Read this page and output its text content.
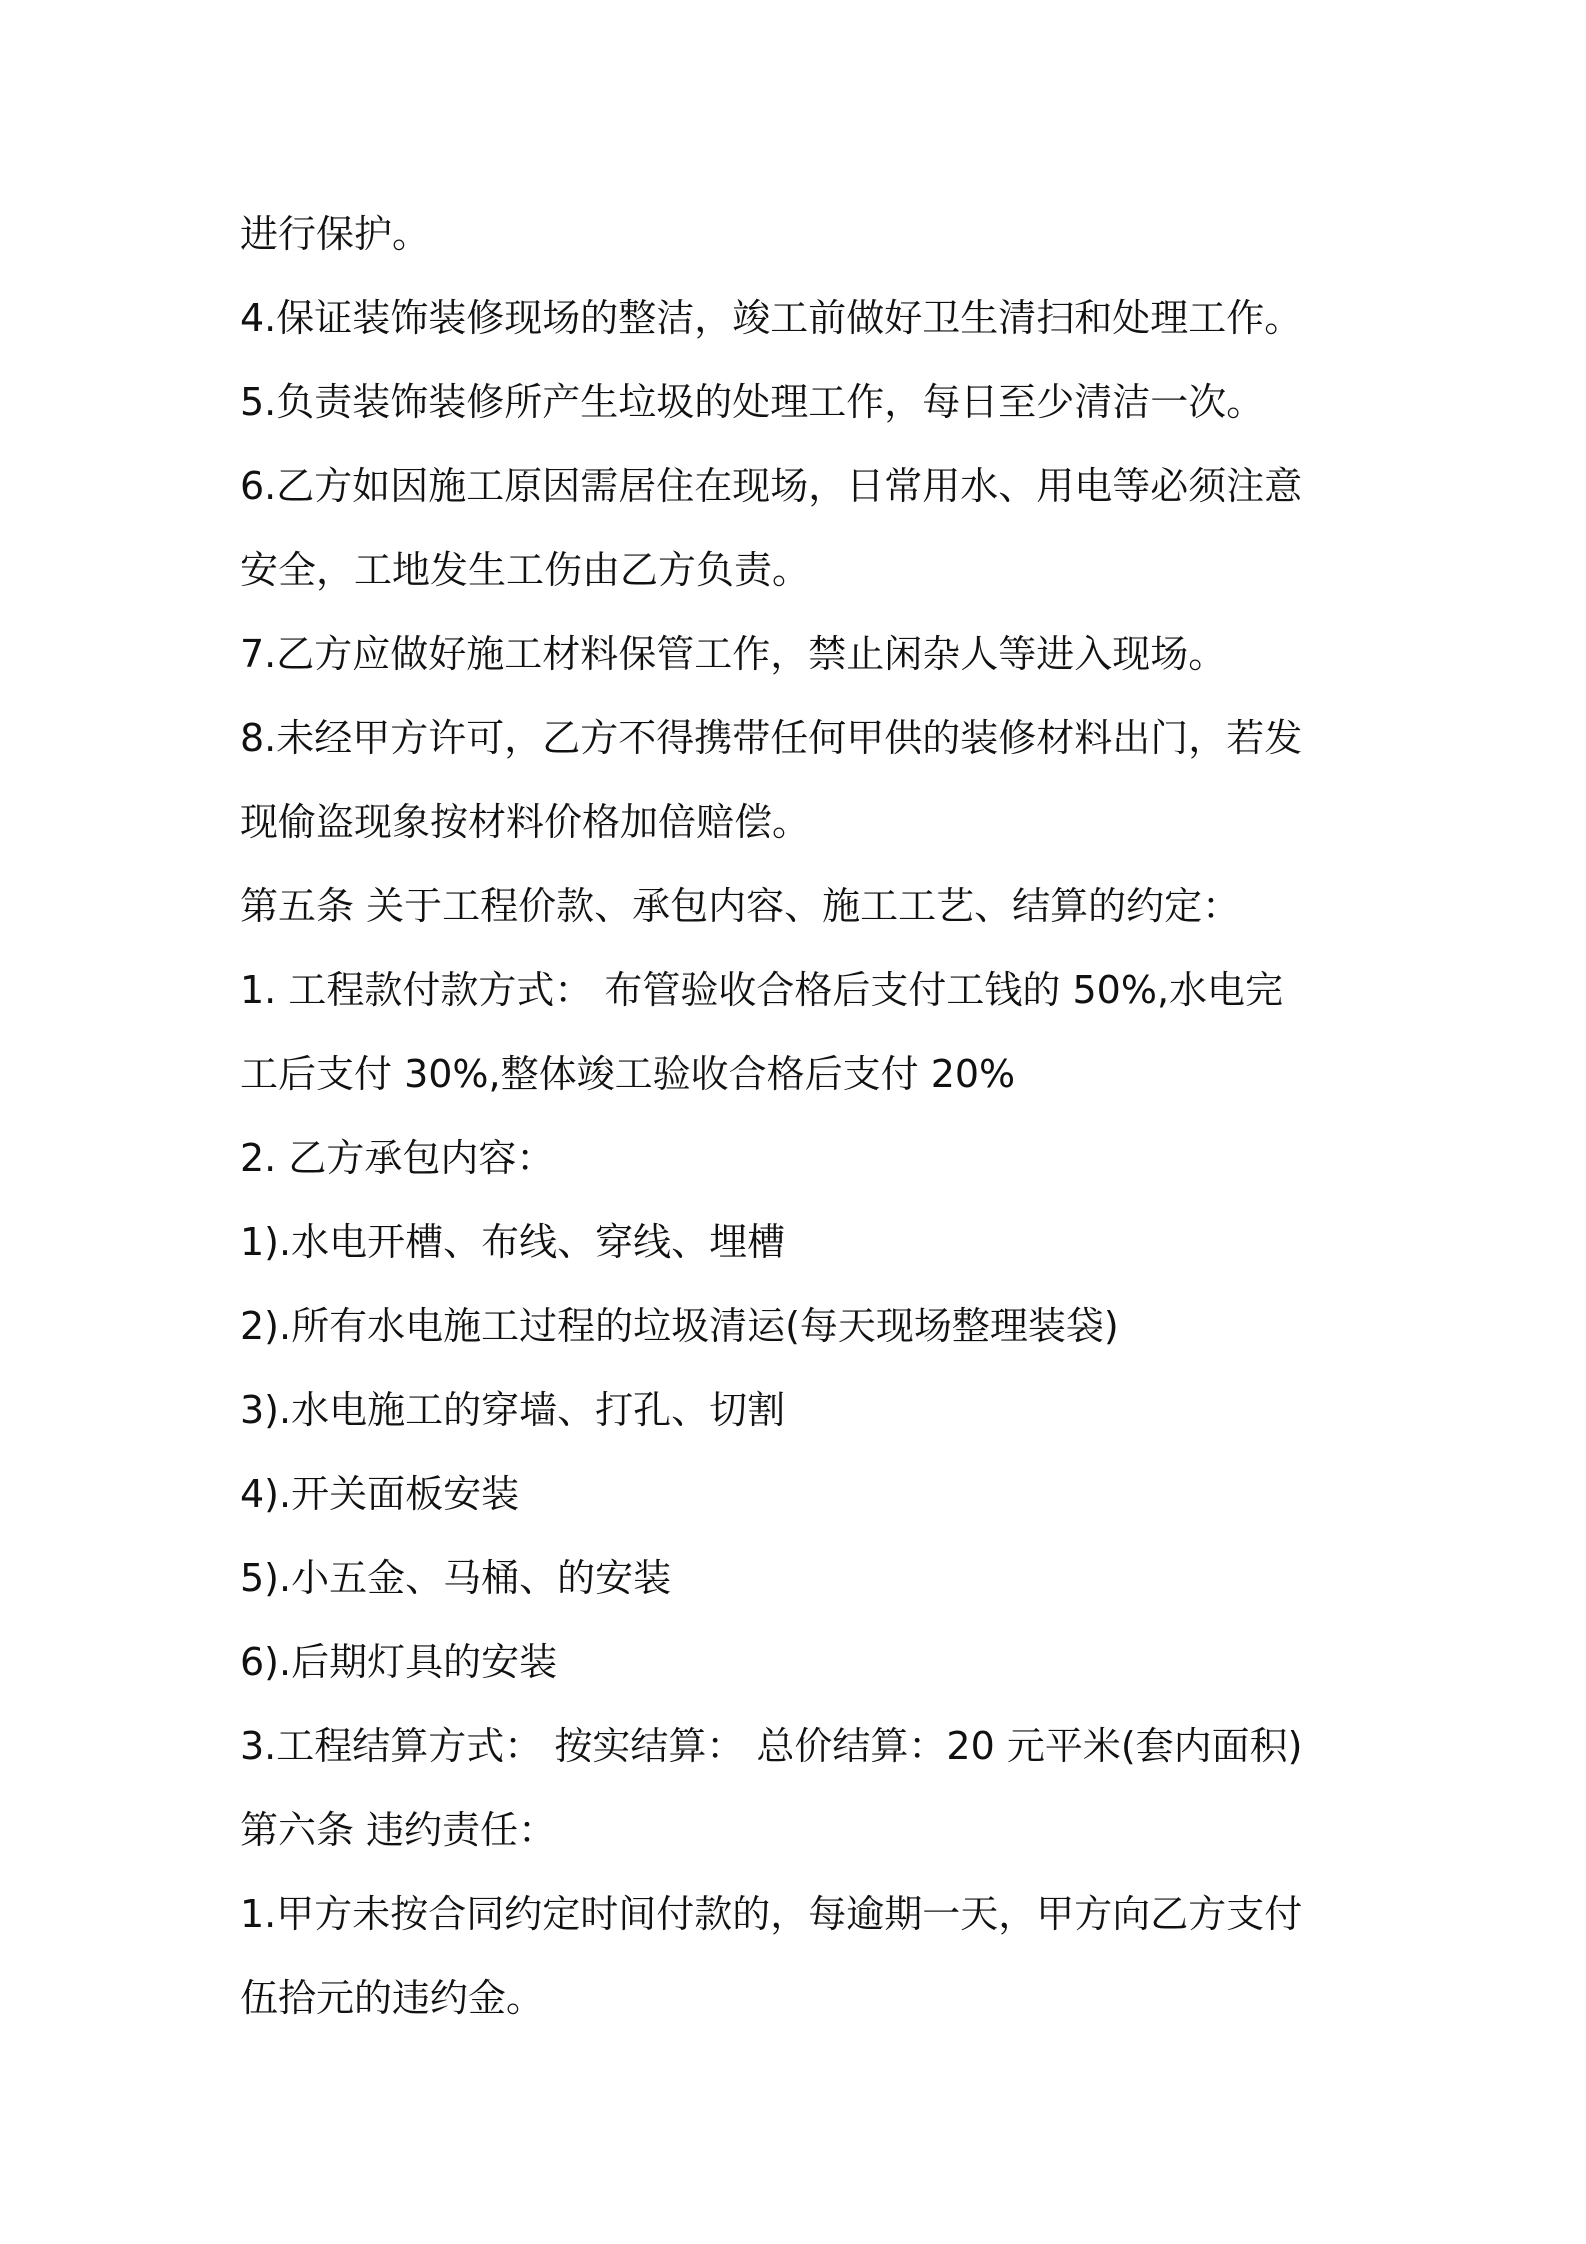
进行保护。
4.保证装饰装修现场的整洁，竣工前做好卫生清扫和处理工作。
5.负责装饰装修所产生垃圾的处理工作，每日至少清洁一次。
6.乙方如因施工原因需居住在现场，日常用水、用电等必须注意
安全，工地发生工伤由乙方负责。
7.乙方应做好施工材料保管工作，禁止闲杂人等进入现场。
8.未经甲方许可，乙方不得携带任何甲供的装修材料出门，若发
现偷盗现象按材料价格加倍赔偿。
第五条 关于工程价款、承包内容、施工工艺、结算的约定：
1. 工程款付款方式： 布管验收合格后支付工钱的 50%,水电完
工后支付 30%,整体竣工验收合格后支付 20%
2. 乙方承包内容：
1).水电开槽、布线、穿线、埋槽
2).所有水电施工过程的垃圾清运(每天现场整理装袋)
3).水电施工的穿墙、打孔、切割
4).开关面板安装
5).小五金、马桶、的安装
6).后期灯具的安装
3.工程结算方式： 按实结算： 总价结算：20 元平米(套内面积)
第六条 违约责任：
1.甲方未按合同约定时间付款的，每逾期一天，甲方向乙方支付
伍拾元的违约金。
